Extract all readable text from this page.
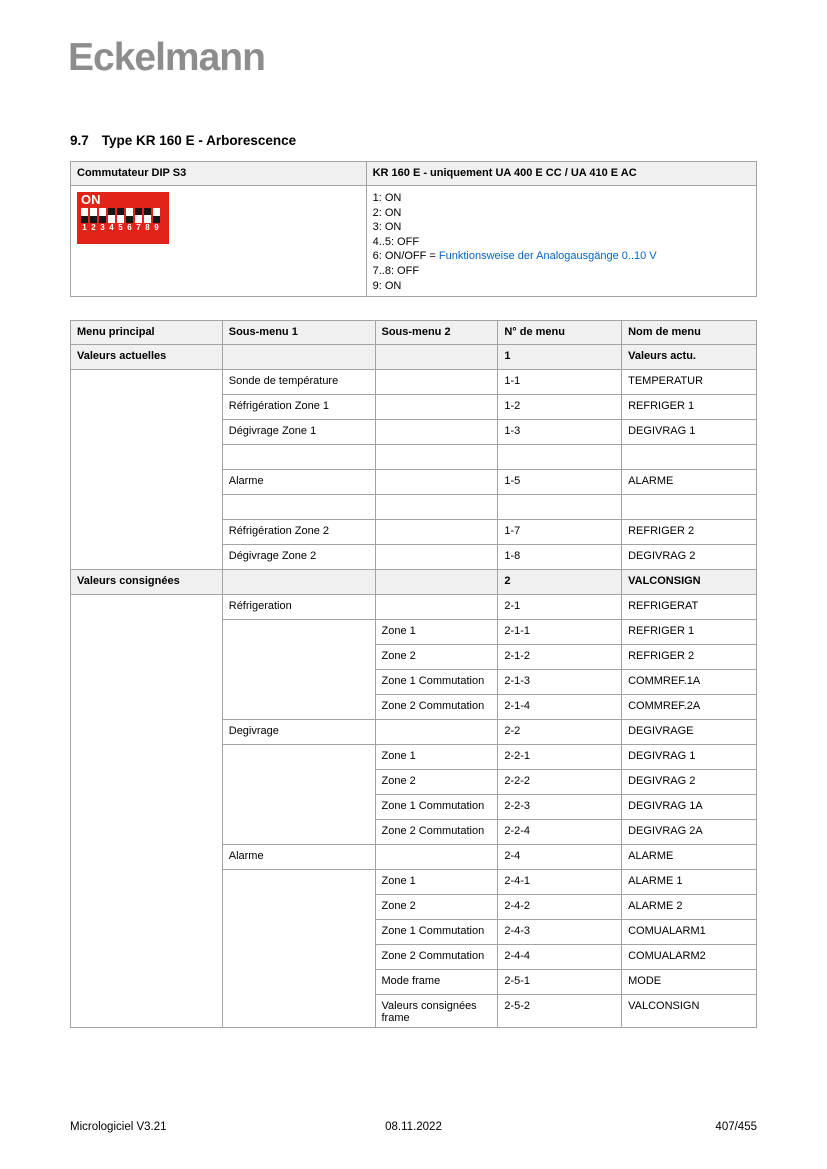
Eckelmann
9.7 Type KR 160 E - Arborescence
Commutateur DIP S3	KR 160 E - uniquement UA 400 E CC / UA 410 E AC

ON
1 2 3 4 5 6 7 8 9

1: ON
2: ON
3: ON
4..5: OFF
6: ON/OFF = Funktionsweise der Analogausgänge 0..10 V
7..8: OFF
9: ON
Menu principal	Sous-menu 1	Sous-menu 2	N° de menu	Nom de menu
Valeurs actuelles			1	Valeurs actu.
	Sonde de température		1-1	TEMPERATUR
	Réfrigération Zone 1		1-2	REFRIGER 1
	Dégivrage Zone 1		1-3	DEGIVRAG 1

	Alarme		1-5	ALARME

	Réfrigération Zone 2		1-7	REFRIGER 2
	Dégivrage Zone 2		1-8	DEGIVRAG 2
Valeurs consignées			2	VALCONSIGN
	Réfrigeration		2-1	REFRIGERAT
		Zone 1	2-1-1	REFRIGER 1
		Zone 2	2-1-2	REFRIGER 2
		Zone 1 Commutation	2-1-3	COMMREF.1A
		Zone 2 Commutation	2-1-4	COMMREF.2A
	Degivrage		2-2	DEGIVRAGE
		Zone 1	2-2-1	DEGIVRAG 1
		Zone 2	2-2-2	DEGIVRAG 2
		Zone 1 Commutation	2-2-3	DEGIVRAG 1A
		Zone 2 Commutation	2-2-4	DEGIVRAG 2A
	Alarme		2-4	ALARME
		Zone 1	2-4-1	ALARME 1
		Zone 2	2-4-2	ALARME 2
		Zone 1 Commutation	2-4-3	COMUALARM1
		Zone 2 Commutation	2-4-4	COMUALARM2
		Mode frame	2-5-1	MODE
		Valeurs consignées frame	2-5-2	VALCONSIGN
Micrologiciel V3.21	08.11.2022	407/455
